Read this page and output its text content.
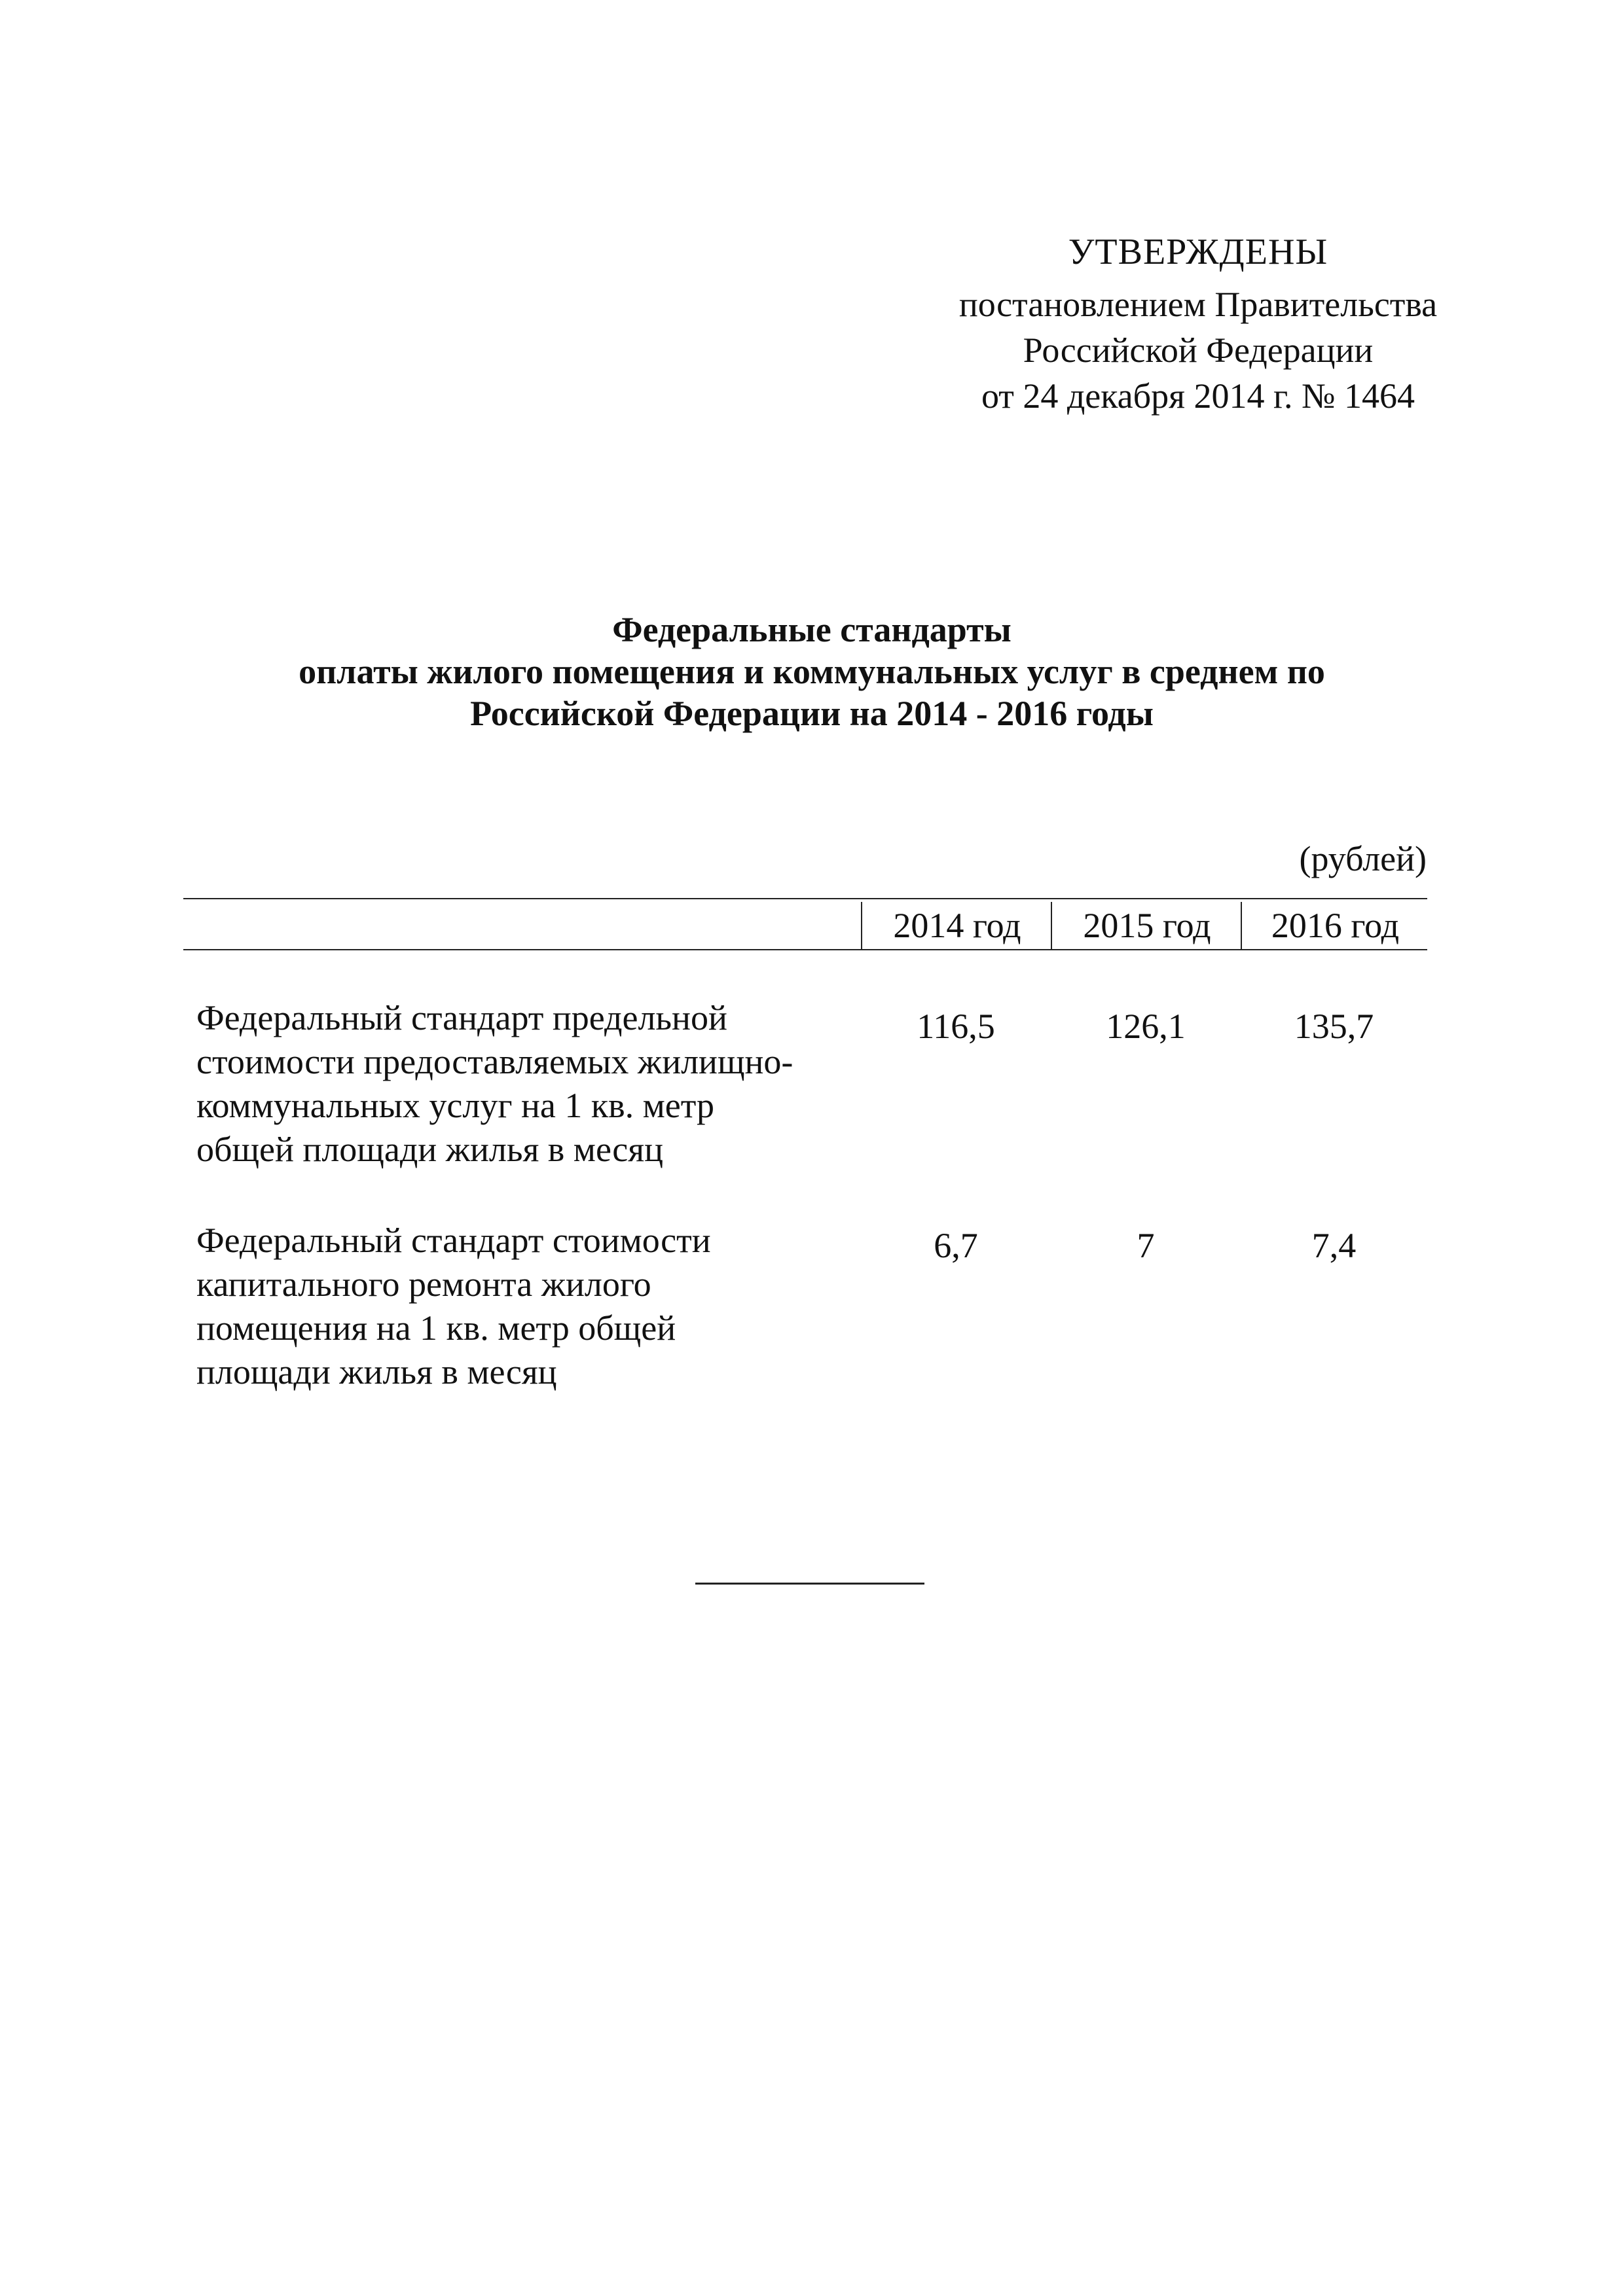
УТВЕРЖДЕНЫ
постановлением Правительства
Российской Федерации
от 24 декабря 2014 г. № 1464
Федеральные стандарты
оплаты жилого помещения и коммунальных услуг в среднем по
Российской Федерации на 2014 - 2016 годы
(рублей)
2014 год	2015 год	2016 год
Федеральный стандарт предельной
стоимости предоставляемых жилищно-
коммунальных услуг на 1 кв. метр
общей площади жилья в месяц
116,5	126,1	135,7
Федеральный стандарт стоимости
капитального ремонта жилого
помещения на 1 кв. метр общей
площади жилья в месяц
6,7	7	7,4
